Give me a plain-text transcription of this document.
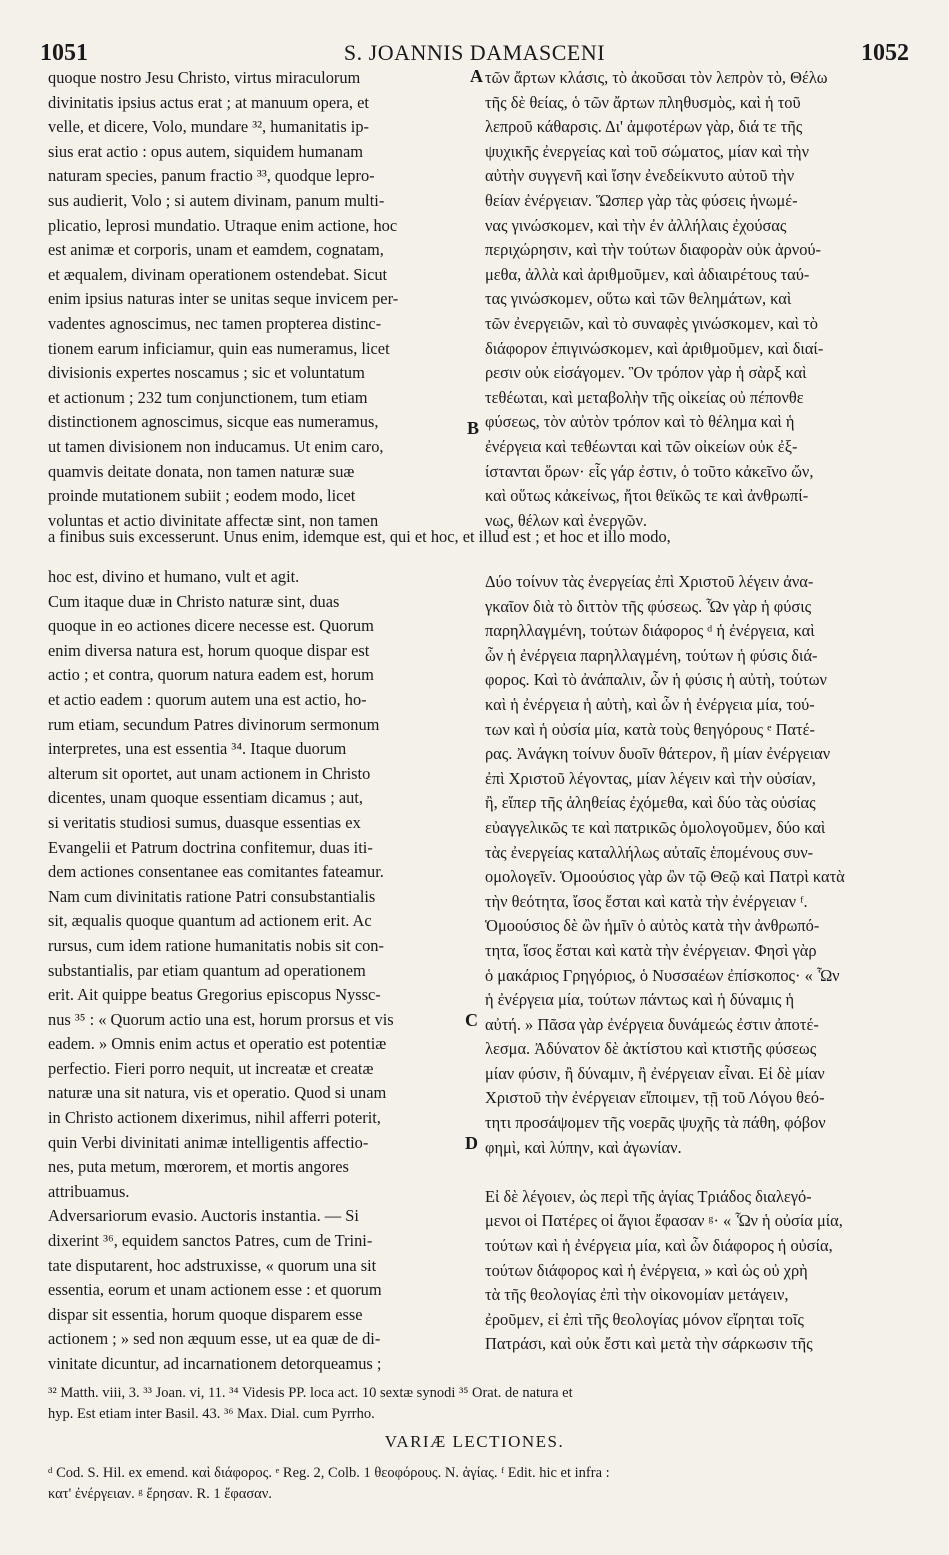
1051	S. JOANNIS DAMASCENI	1052
A
B
C
D
quoque nostro Jesu Christo, virtus miraculorum
divinitatis ipsius actus erat ; at manuum opera, et
velle, et dicere, Volo, mundare ³², humanitatis ip-
sius erat actio : opus autem, siquidem humanam
naturam species, panum fractio ³³, quodque lepro-
sus audierit, Volo ; si autem divinam, panum multi-
plicatio, leprosi mundatio. Utraque enim actione, hoc
est animæ et corporis, unam et eamdem, cognatam,
et æqualem, divinam operationem ostendebat. Sicut
enim ipsius naturas inter se unitas seque invicem per-
vadentes agnoscimus, nec tamen propterea distinc-
tionem earum inficiamur, quin eas numeramus, licet
divisionis expertes noscamus ; sic et voluntatum
et actionum ; 232 tum conjunctionem, tum etiam
distinctionem agnoscimus, sicque eas numeramus,
ut tamen divisionem non inducamus. Ut enim caro,
quamvis deitate donata, non tamen naturæ suæ
proinde mutationem subiit ; eodem modo, licet
voluntas et actio divinitate affectæ sint, non tamen
τῶν ἄρτων κλάσις, τὸ ἀκοῦσαι τὸν λεπρὸν τὸ, Θέλω
τῆς δὲ θείας, ὁ τῶν ἄρτων πληθυσμὸς, καὶ ἡ τοῦ
λεπροῦ κάθαρσις. Δι' ἀμφοτέρων γὰρ, διά τε τῆς
ψυχικῆς ἐνεργείας καὶ τοῦ σώματος, μίαν καὶ τὴν
αὐτὴν συγγενῆ καὶ ἴσην ἐνεδείκνυτο αὐτοῦ τὴν
θείαν ἐνέργειαν. Ὥσπερ γὰρ τὰς φύσεις ἡνωμέ-
νας γινώσκομεν, καὶ τὴν ἐν ἀλλήλαις ἐχούσας
περιχώρησιν, καὶ τὴν τούτων διαφορὰν οὐκ ἀρνού-
μεθα, ἀλλὰ καὶ ἀριθμοῦμεν, καὶ ἀδιαιρέτους ταύ-
τας γινώσκομεν, οὕτω καὶ τῶν θελημάτων, καὶ
τῶν ἐνεργειῶν, καὶ τὸ συναφὲς γινώσκομεν, καὶ τὸ
διάφορον ἐπιγινώσκομεν, καὶ ἀριθμοῦμεν, καὶ διαί-
ρεσιν οὐκ εἰσάγομεν. Ὃν τρόπον γὰρ ἡ σὰρξ καὶ
τεθέωται, καὶ μεταβολὴν τῆς οἰκείας οὐ πέπονθε
φύσεως, τὸν αὐτὸν τρόπον καὶ τὸ θέλημα καὶ ἡ
ἐνέργεια καὶ τεθέωνται καὶ τῶν οἰκείων οὐκ ἐξ-
ίστανται ὅρων· εἷς γάρ ἐστιν, ὁ τοῦτο κἀκεῖνο ὤν,
καὶ οὕτως κἀκείνως, ἤτοι θεϊκῶς τε καὶ ἀνθρωπί-
νως, θέλων καὶ ἐνεργῶν.
a finibus suis excesserunt. Unus enim, idemque est, qui et hoc, et illud est ; et hoc et illo modo,
hoc est, divino et humano, vult et agit.
Cum itaque duæ in Christo naturæ sint, duas
quoque in eo actiones dicere necesse est. Quorum
enim diversa natura est, horum quoque dispar est
actio ; et contra, quorum natura eadem est, horum
et actio eadem : quorum autem una est actio, ho-
rum etiam, secundum Patres divinorum sermonum
interpretes, una est essentia ³⁴. Itaque duorum
alterum sit oportet, aut unam actionem in Christo
dicentes, unam quoque essentiam dicamus ; aut,
si veritatis studiosi sumus, duasque essentias ex
Evangelii et Patrum doctrina confitemur, duas iti-
dem actiones consentanee eas comitantes fateamur.
Nam cum divinitatis ratione Patri consubstantialis
sit, æqualis quoque quantum ad actionem erit. Ac
rursus, cum idem ratione humanitatis nobis sit con-
substantialis, par etiam quantum ad operationem
erit. Ait quippe beatus Gregorius episcopus Nyssc-
nus ³⁵ : « Quorum actio una est, horum prorsus et vis
eadem. » Omnis enim actus et operatio est potentiæ
perfectio. Fieri porro nequit, ut increatæ et creatæ
naturæ una sit natura, vis et operatio. Quod si unam
in Christo actionem dixerimus, nihil afferri poterit,
quin Verbi divinitati animæ intelligentis affectio-
nes, puta metum, mœrorem, et mortis angores
attribuamus.
Adversariorum evasio. Auctoris instantia. — Si
dixerint ³⁶, equidem sanctos Patres, cum de Trini-
tate disputarent, hoc adstruxisse, « quorum una sit
essentia, eorum et unam actionem esse : et quorum
dispar sit essentia, horum quoque disparem esse
actionem ; » sed non æquum esse, ut ea quæ de di-
vinitate dicuntur, ad incarnationem detorqueamus ;
Δύο τοίνυν τὰς ἐνεργείας ἐπὶ Χριστοῦ λέγειν ἀνα-
γκαῖον διὰ τὸ διττὸν τῆς φύσεως. Ὧν γὰρ ἡ φύσις
παρηλλαγμένη, τούτων διάφορος ᵈ ἡ ἐνέργεια, καὶ
ὧν ἡ ἐνέργεια παρηλλαγμένη, τούτων ἡ φύσις διά-
φορος. Καὶ τὸ ἀνάπαλιν, ὧν ἡ φύσις ἡ αὐτὴ, τούτων
καὶ ἡ ἐνέργεια ἡ αὐτὴ, καὶ ὧν ἡ ἐνέργεια μία, τού-
των καὶ ἡ οὐσία μία, κατὰ τοὺς θεηγόρους ᵉ Πατέ-
ρας. Ἀνάγκη τοίνυν δυοῖν θάτερον, ἢ μίαν ἐνέργειαν
ἐπὶ Χριστοῦ λέγοντας, μίαν λέγειν καὶ τὴν οὐσίαν,
ἢ, εἴπερ τῆς ἀληθείας ἐχόμεθα, καὶ δύο τὰς οὐσίας
εὐαγγελικῶς τε καὶ πατρικῶς ὁμολογοῦμεν, δύο καὶ
τὰς ἐνεργείας καταλλήλως αὐταῖς ἑπομένους συν-
ομολογεῖν. Ὁμοούσιος γὰρ ὢν τῷ Θεῷ καὶ Πατρὶ κατὰ
τὴν θεότητα, ἴσος ἔσται καὶ κατὰ τὴν ἐνέργειαν ᶠ.
Ὁμοούσιος δὲ ὢν ἡμῖν ὁ αὐτὸς κατὰ τὴν ἀνθρωπό-
τητα, ἴσος ἔσται καὶ κατὰ τὴν ἐνέργειαν. Φησὶ γὰρ
ὁ μακάριος Γρηγόριος, ὁ Νυσσαέων ἐπίσκοπος· « Ὧν
ἡ ἐνέργεια μία, τούτων πάντως καὶ ἡ δύναμις ἡ
αὐτή. » Πᾶσα γὰρ ἐνέργεια δυνάμεώς ἐστιν ἀποτέ-
λεσμα. Ἀδύνατον δὲ ἀκτίστου καὶ κτιστῆς φύσεως
μίαν φύσιν, ἢ δύναμιν, ἢ ἐνέργειαν εἶναι. Εἰ δὲ μίαν
Χριστοῦ τὴν ἐνέργειαν εἴποιμεν, τῇ τοῦ Λόγου θεό-
τητι προσάψομεν τῆς νοερᾶς ψυχῆς τὰ πάθη, φόβον
φημὶ, καὶ λύπην, καὶ ἀγωνίαν.

Εἰ δὲ λέγοιεν, ὡς περὶ τῆς ἁγίας Τριάδος διαλεγό-
μενοι οἱ Πατέρες οἱ ἅγιοι ἔφασαν ᵍ· « Ὧν ἡ οὐσία μία,
τούτων καὶ ἡ ἐνέργεια μία, καὶ ὧν διάφορος ἡ οὐσία,
τούτων διάφορος καὶ ἡ ἐνέργεια, » καὶ ὡς οὐ χρὴ
τὰ τῆς θεολογίας ἐπὶ τὴν οἰκονομίαν μετάγειν,
ἐροῦμεν, εἰ ἐπὶ τῆς θεολογίας μόνον εἴρηται τοῖς
Πατράσι, καὶ οὐκ ἔστι καὶ μετὰ τὴν σάρκωσιν τῆς
³² Matth. viii, 3. ³³ Joan. vi, 11. ³⁴ Videsis PP. loca act. 10 sextæ synodi ³⁵ Orat. de natura et
hyp. Est etiam inter Basil. 43. ³⁶ Max. Dial. cum Pyrrho.
VARIÆ LECTIONES.
ᵈ Cod. S. Hil. ex emend. καὶ διάφορος. ᵉ Reg. 2, Colb. 1 θεοφόρους. N. ἁγίας. ᶠ Edit. hic et infra :
κατ' ἐνέργειαν. ᵍ ἔρησαν. R. 1 ἔφασαν.
